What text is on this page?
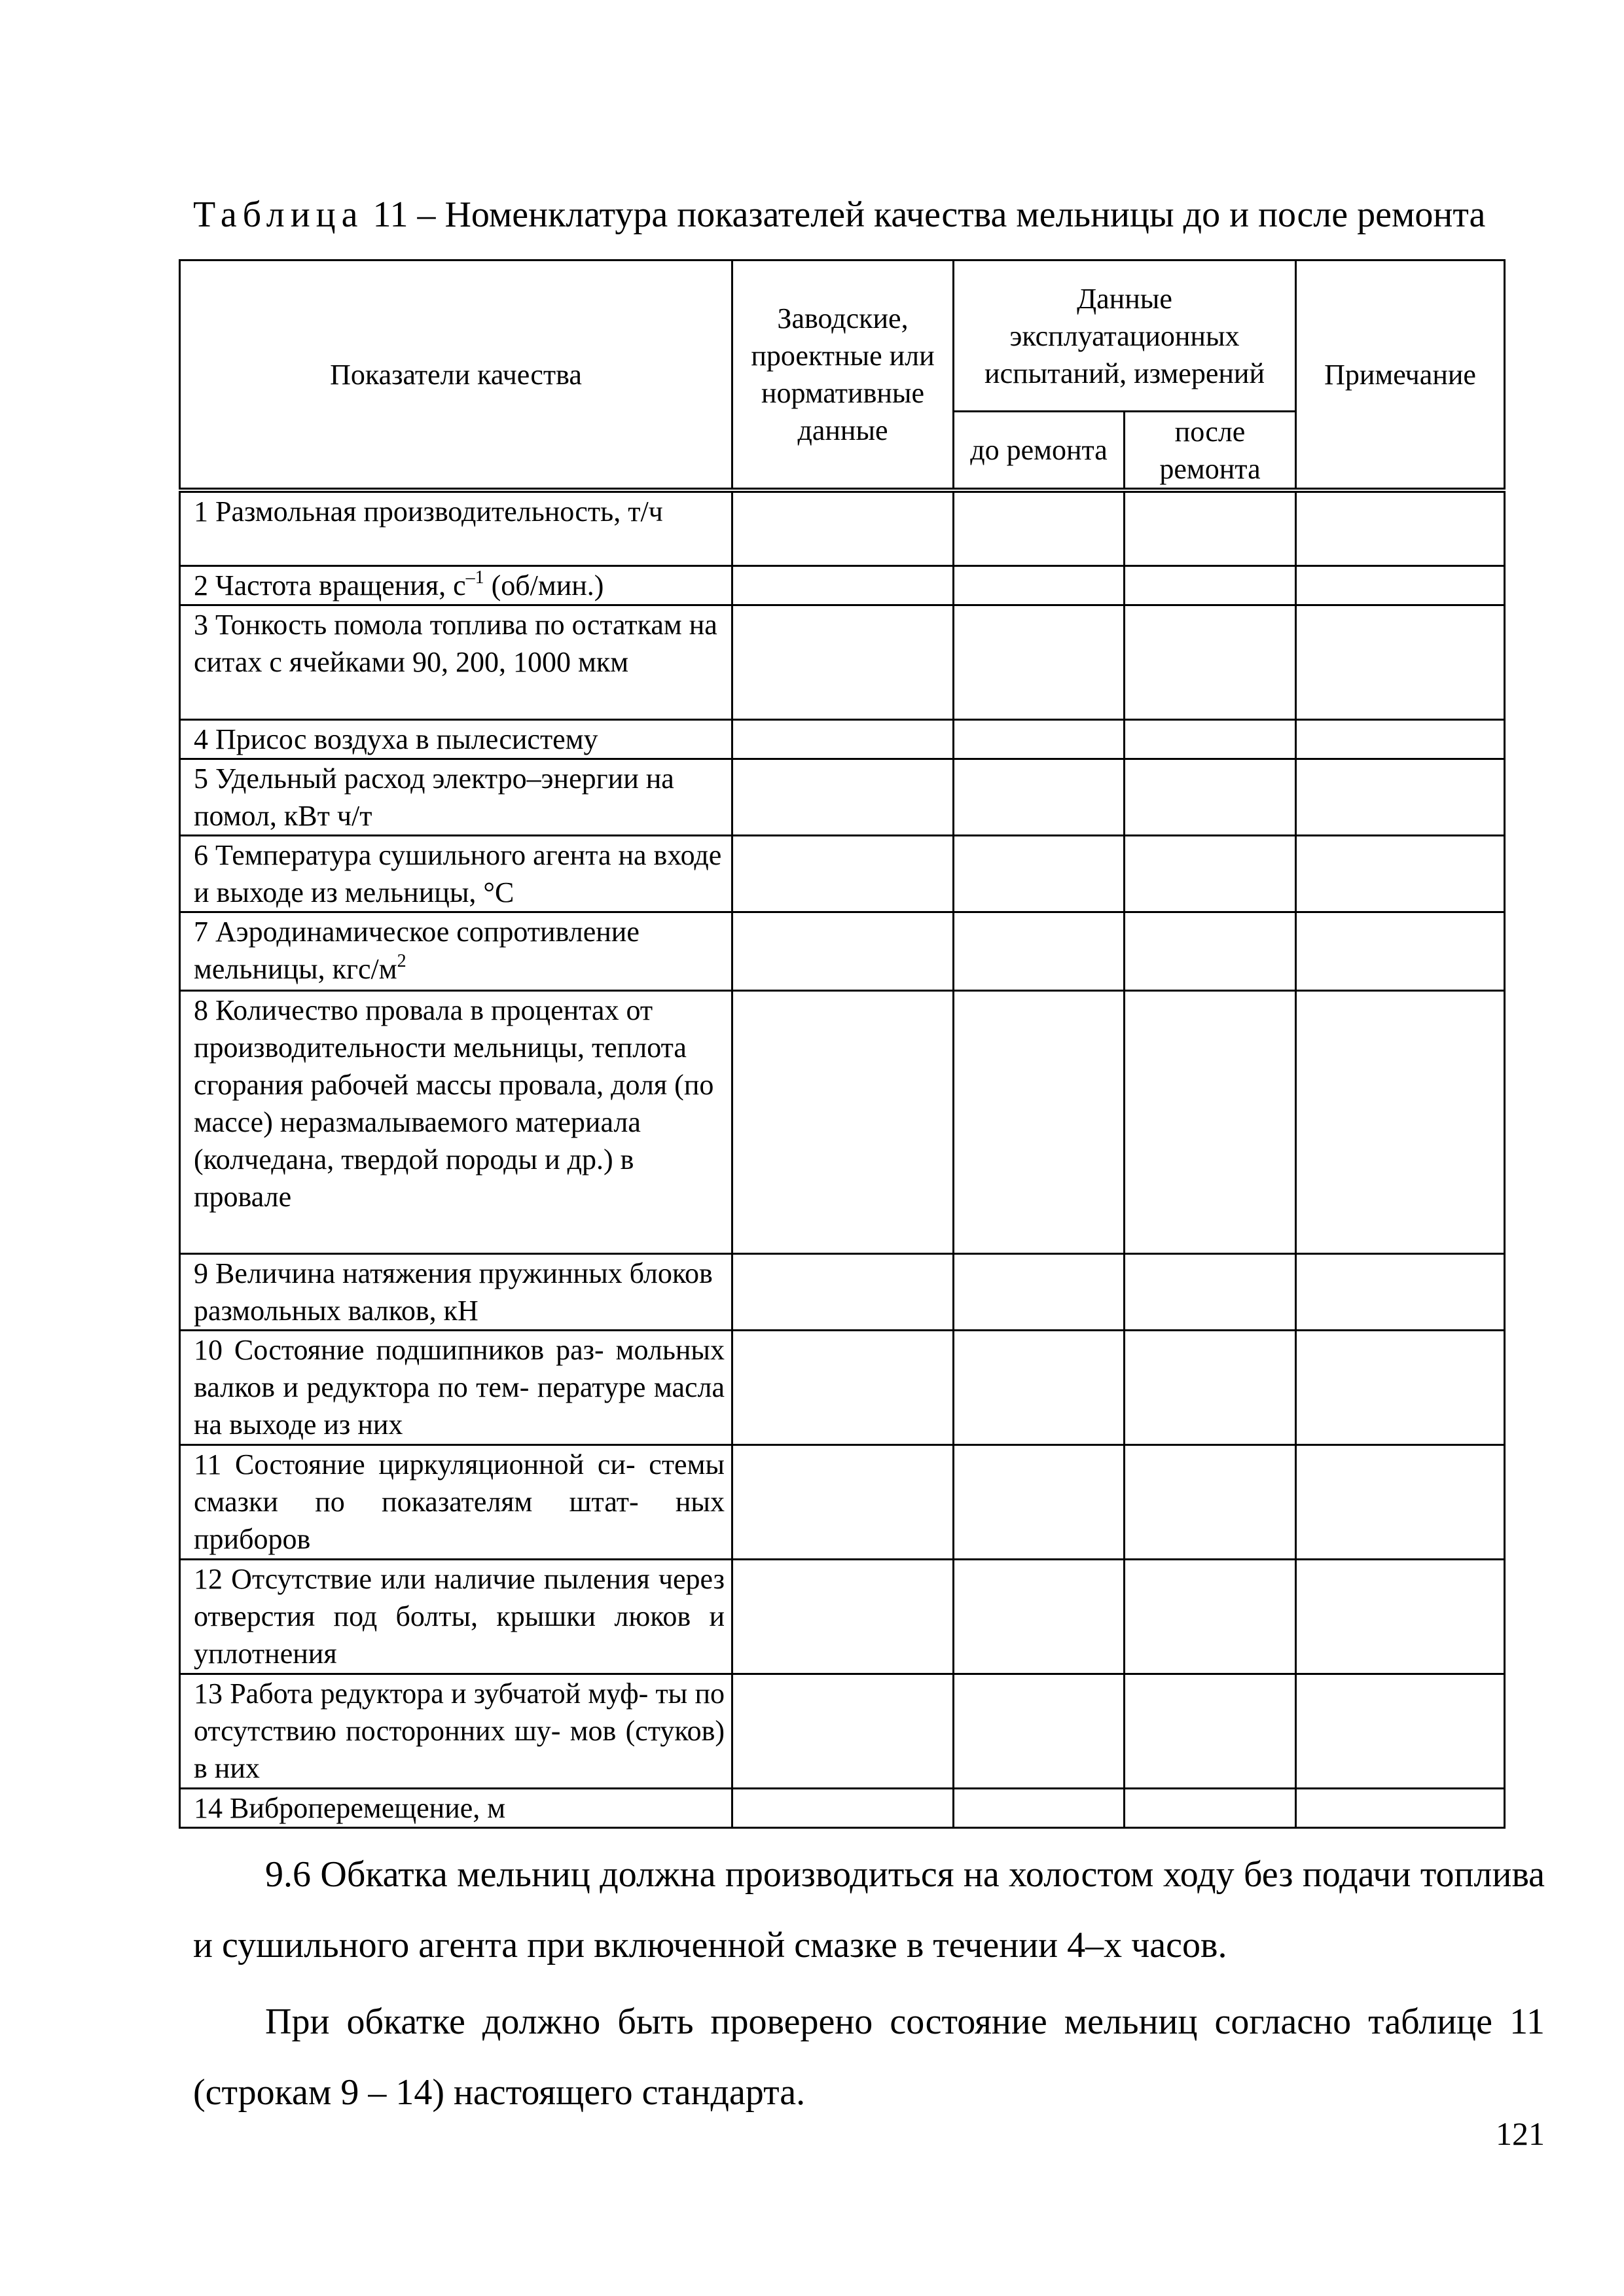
Таблица 11 – Номенклатура показателей качества мельницы до и после ремонта
Показатели качества	Заводские, проектные или нормативные данные	Данные эксплуатационных испытаний, измерений		Примечание
		до ремонта	после ремонта	
1 Размольная производительность, т/ч				
2 Частота вращения, $с^{-1}$ (об/мин.)				
3 Тонкость помола топлива по остаткам на ситах с ячейками 90, 200, 1000 мкм				
4 Присос воздуха в пылесистему				
5 Удельный расход электро–энергии на помол, кВт ч/т				
6 Температура сушильного агента на входе и выходе из мельницы, °С				
7 Аэродинамическое сопротивление мельницы, кгс/$м^2$				
8 Количество провала в процентах от производительности мельницы, теплота сгорания рабочей массы провала, доля (по массе) неразмалываемого материала (колчедана, твердой породы и др.) в провале				
9 Величина натяжения пружинных блоков размольных валков, кН				
10 Состояние подшипников раз- мольных валков и редуктора по тем- пературе масла на выходе из них				
11 Состояние циркуляционной си- стемы смазки по показателям штат- ных приборов				
12 Отсутствие или наличие пыления через отверстия под болты, крышки люков и уплотнения				
13 Работа редуктора и зубчатой муф- ты по отсутствию посторонних шу- мов (стуков) в них				
14 Виброперемещение, м				
9.6 Обкатка мельниц должна производиться на холостом ходу без подачи топлива и сушильного агента при включенной смазке в течении 4–х часов.
При обкатке должно быть проверено состояние мельниц согласно таблице 11 (строкам 9 – 14) настоящего стандарта.
121
